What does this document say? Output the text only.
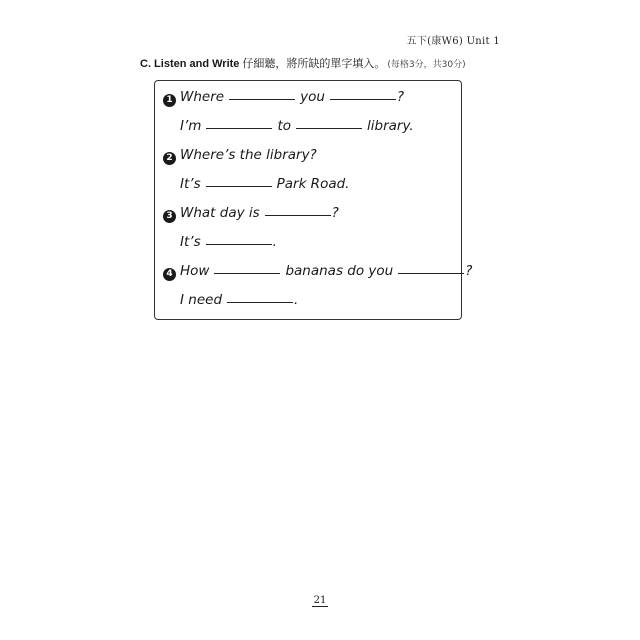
五下(康W6) Unit 1
C. Listen and Write 仔細聽，將所缺的單字填入。 (每格3分，共30分)
1 Where	you	?
I’m	to	library.
2 Where’s the library?
It’s	Park Road.
3 What day is	?
It’s	.
4 How	bananas do you	?
I need	.
21
